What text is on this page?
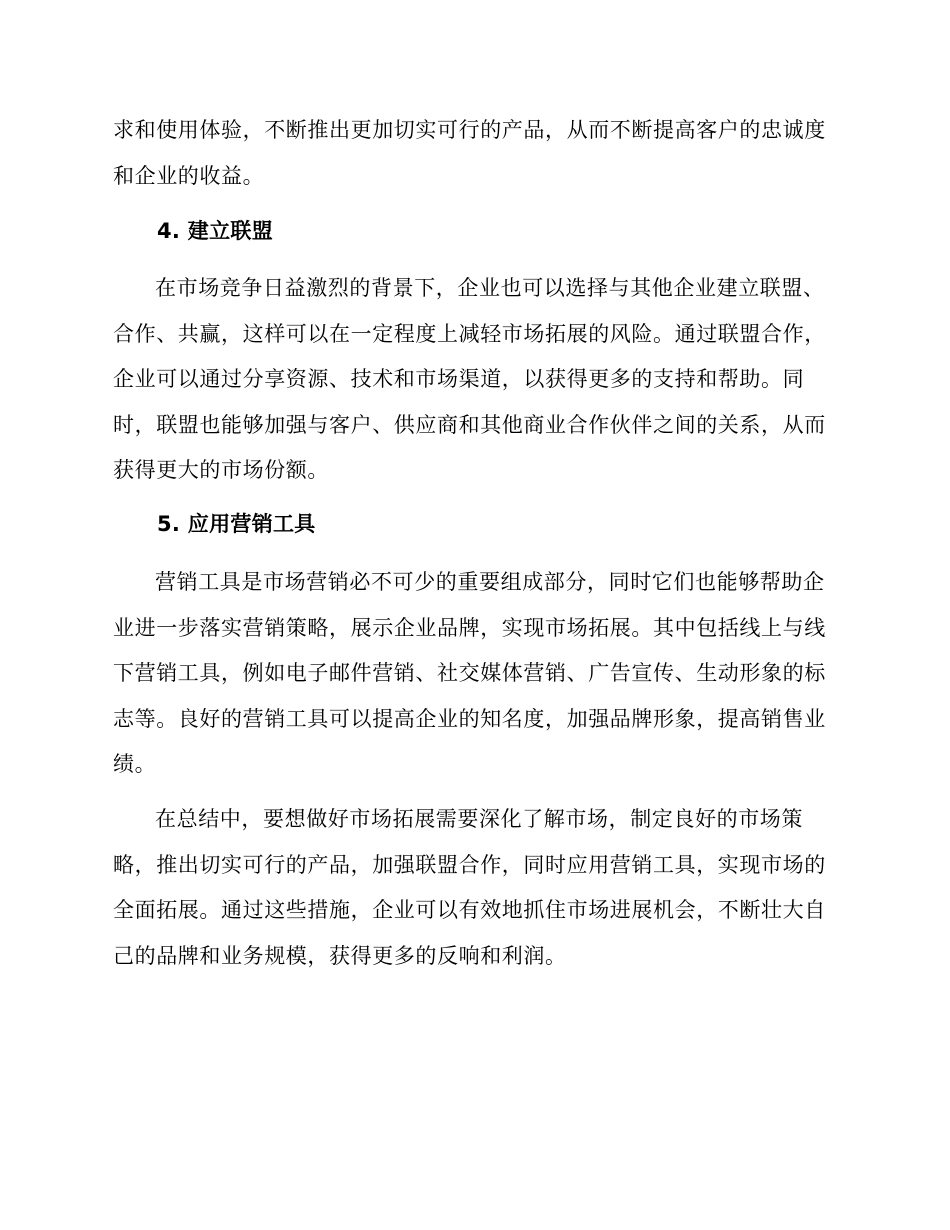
求和使用体验，不断推出更加切实可行的产品，从而不断提高客户的忠诚度
和企业的收益。
4. 建立联盟
在市场竞争日益激烈的背景下，企业也可以选择与其他企业建立联盟、
合作、共赢，这样可以在一定程度上减轻市场拓展的风险。通过联盟合作，
企业可以通过分享资源、技术和市场渠道，以获得更多的支持和帮助。同
时，联盟也能够加强与客户、供应商和其他商业合作伙伴之间的关系，从而
获得更大的市场份额。
5. 应用营销工具
营销工具是市场营销必不可少的重要组成部分，同时它们也能够帮助企
业进一步落实营销策略，展示企业品牌，实现市场拓展。其中包括线上与线
下营销工具，例如电子邮件营销、社交媒体营销、广告宣传、生动形象的标
志等。良好的营销工具可以提高企业的知名度，加强品牌形象，提高销售业
绩。
在总结中，要想做好市场拓展需要深化了解市场，制定良好的市场策
略，推出切实可行的产品，加强联盟合作，同时应用营销工具，实现市场的
全面拓展。通过这些措施，企业可以有效地抓住市场进展机会，不断壮大自
己的品牌和业务规模，获得更多的反响和利润。
